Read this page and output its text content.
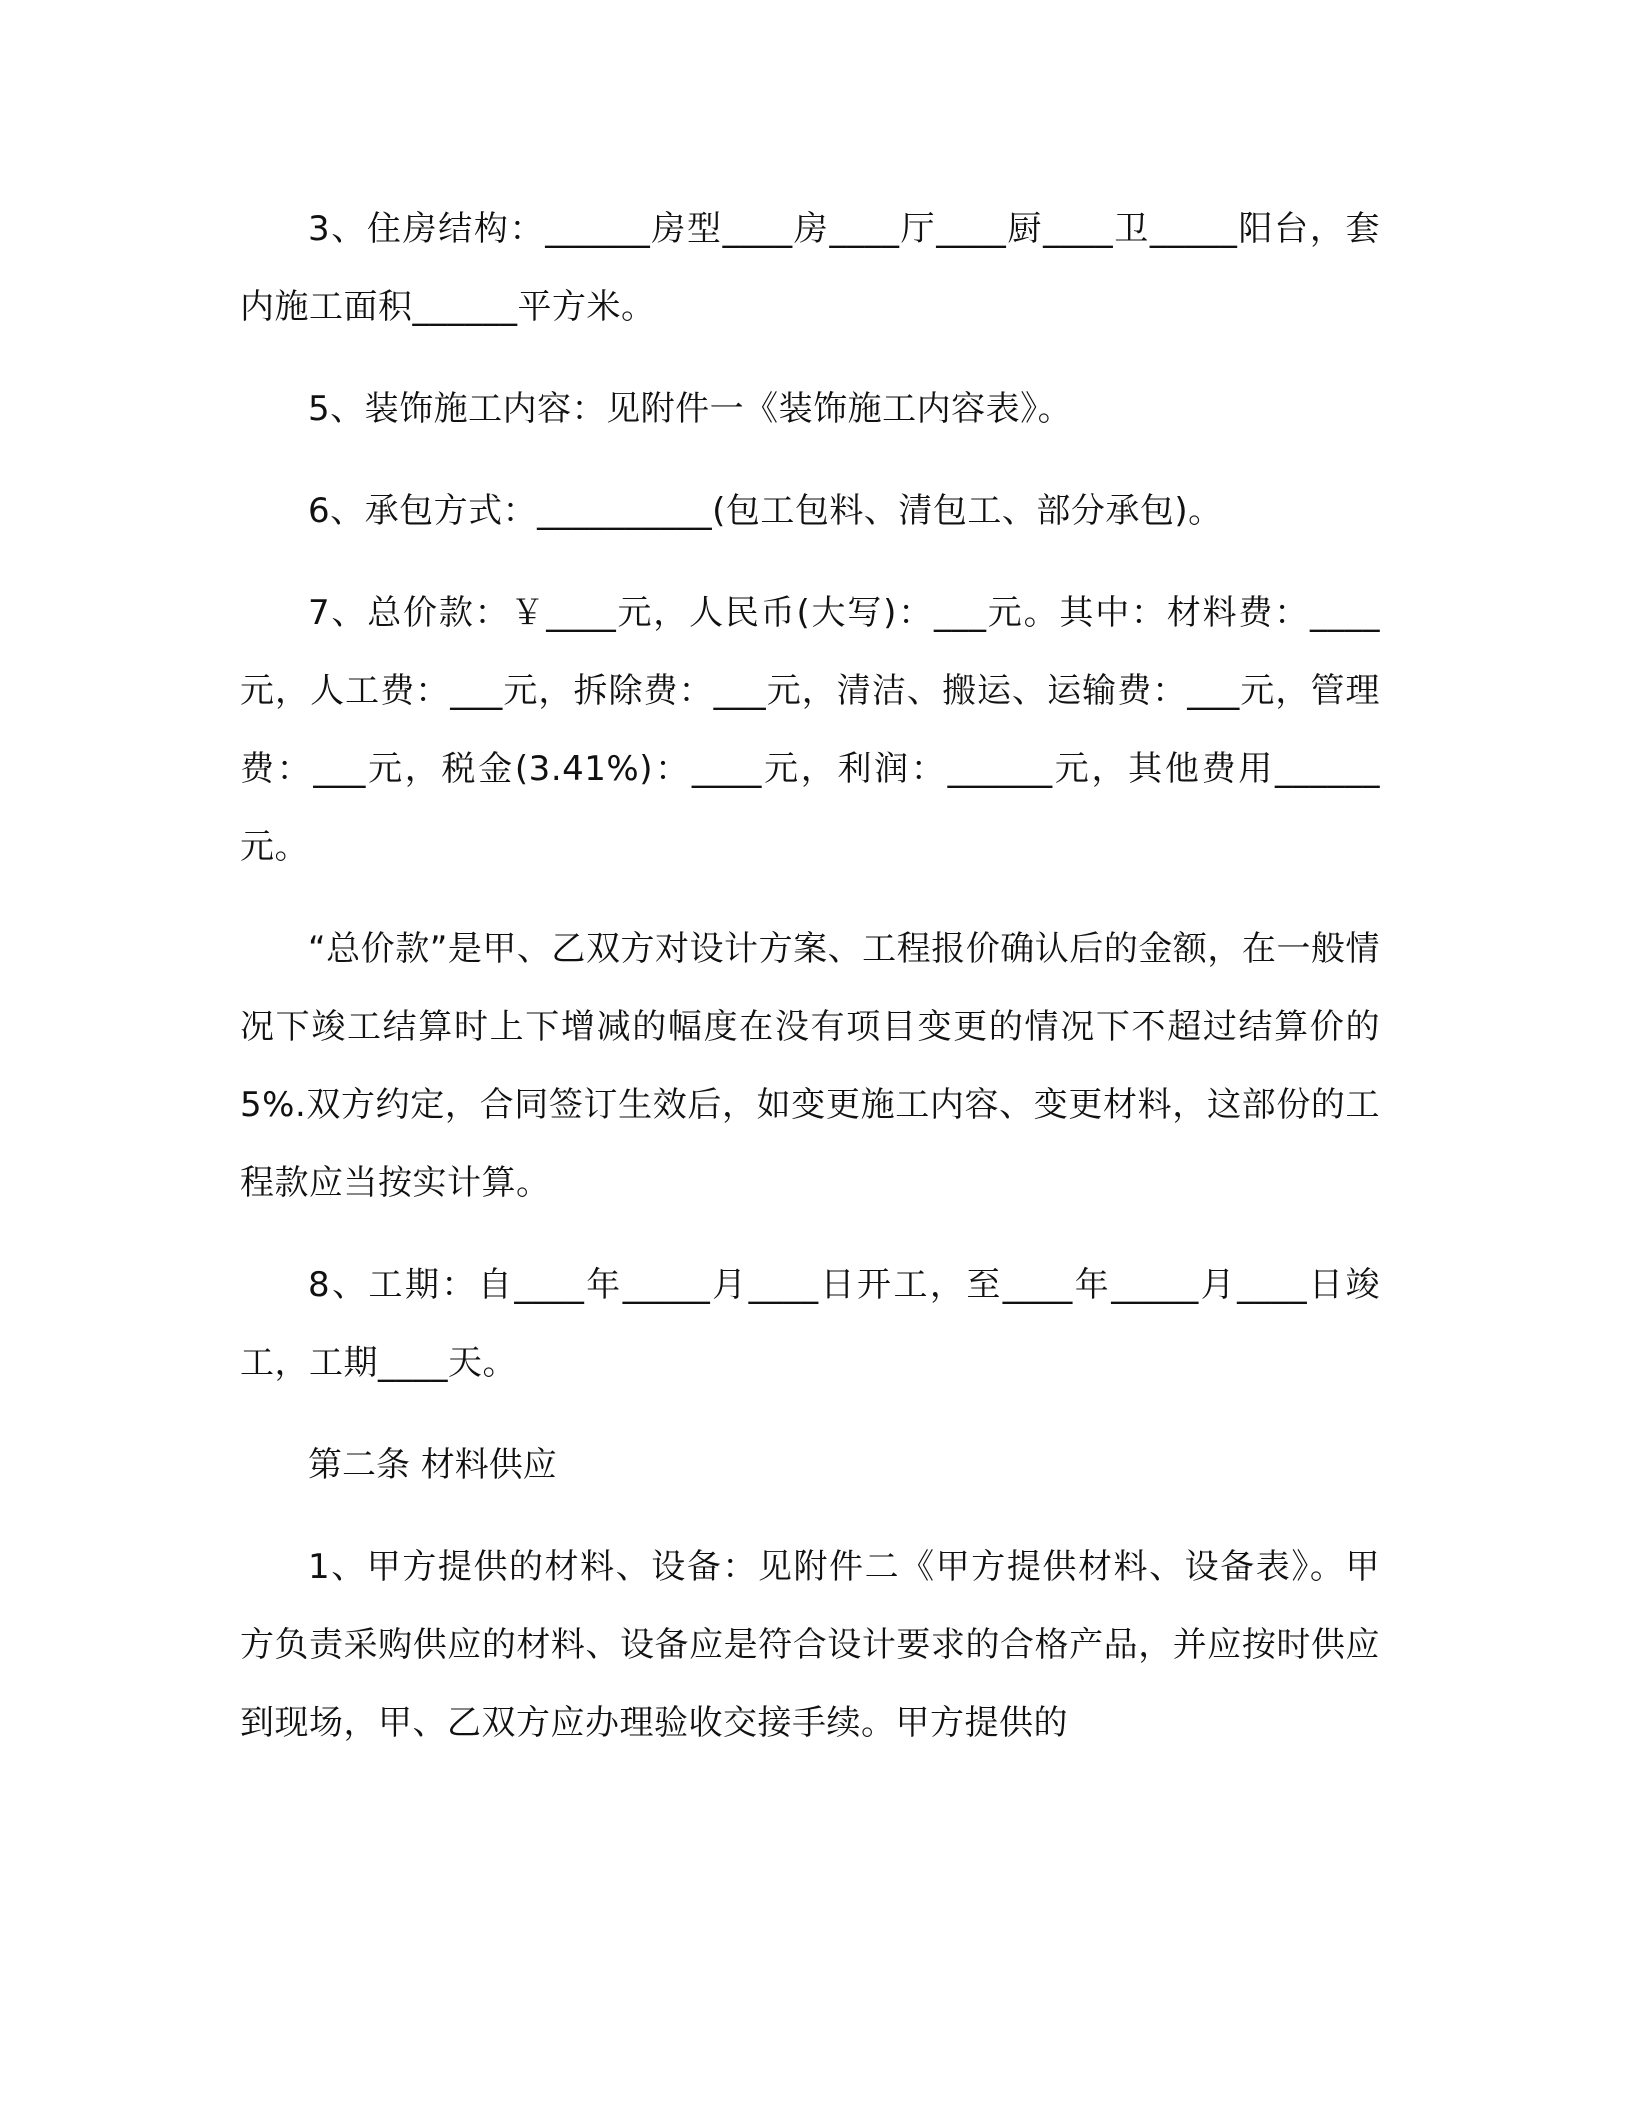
3、住房结构：______房型____房____厅____厨____卫_____阳台，套内施工面积______平方米。

5、装饰施工内容：见附件一《装饰施工内容表》。

6、承包方式：__________(包工包料、清包工、部分承包)。

7、总价款：￥____元，人民币(大写)：___元。其中：材料费：____元，人工费：___元，拆除费：___元，清洁、搬运、运输费：___元，管理费：___元，税金(3.41%)：____元，利润：______元，其他费用______元。

“总价款”是甲、乙双方对设计方案、工程报价确认后的金额，在一般情况下竣工结算时上下增减的幅度在没有项目变更的情况下不超过结算价的 5%.双方约定，合同签订生效后，如变更施工内容、变更材料，这部份的工程款应当按实计算。

8、工期：自____年_____月____日开工，至____年_____月____日竣工，工期____天。

第二条 材料供应

1、甲方提供的材料、设备：见附件二《甲方提供材料、设备表》。甲方负责采购供应的材料、设备应是符合设计要求的合格产品，并应按时供应到现场，甲、乙双方应办理验收交接手续。甲方提供的
